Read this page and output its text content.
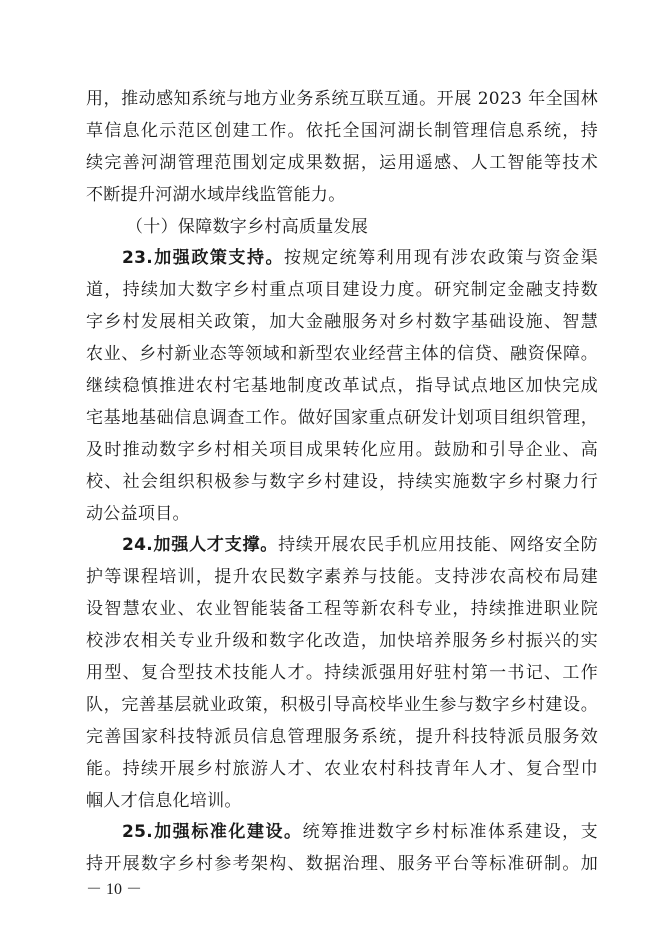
用，推动感知系统与地方业务系统互联互通。开展 2023 年全国林
草信息化示范区创建工作。依托全国河湖长制管理信息系统，持
续完善河湖管理范围划定成果数据，运用遥感、人工智能等技术
不断提升河湖水域岸线监管能力。
（十）保障数字乡村高质量发展
23.加强政策支持。按规定统筹利用现有涉农政策与资金渠
道，持续加大数字乡村重点项目建设力度。研究制定金融支持数
字乡村发展相关政策，加大金融服务对乡村数字基础设施、智慧
农业、乡村新业态等领域和新型农业经营主体的信贷、融资保障。
继续稳慎推进农村宅基地制度改革试点，指导试点地区加快完成
宅基地基础信息调查工作。做好国家重点研发计划项目组织管理，
及时推动数字乡村相关项目成果转化应用。鼓励和引导企业、高
校、社会组织积极参与数字乡村建设，持续实施数字乡村聚力行
动公益项目。
24.加强人才支撑。持续开展农民手机应用技能、网络安全防
护等课程培训，提升农民数字素养与技能。支持涉农高校布局建
设智慧农业、农业智能装备工程等新农科专业，持续推进职业院
校涉农相关专业升级和数字化改造，加快培养服务乡村振兴的实
用型、复合型技术技能人才。持续派强用好驻村第一书记、工作
队，完善基层就业政策，积极引导高校毕业生参与数字乡村建设。
完善国家科技特派员信息管理服务系统，提升科技特派员服务效
能。持续开展乡村旅游人才、农业农村科技青年人才、复合型巾
帼人才信息化培训。
25.加强标准化建设。统筹推进数字乡村标准体系建设，支
持开展数字乡村参考架构、数据治理、服务平台等标准研制。加
－ 10 －
